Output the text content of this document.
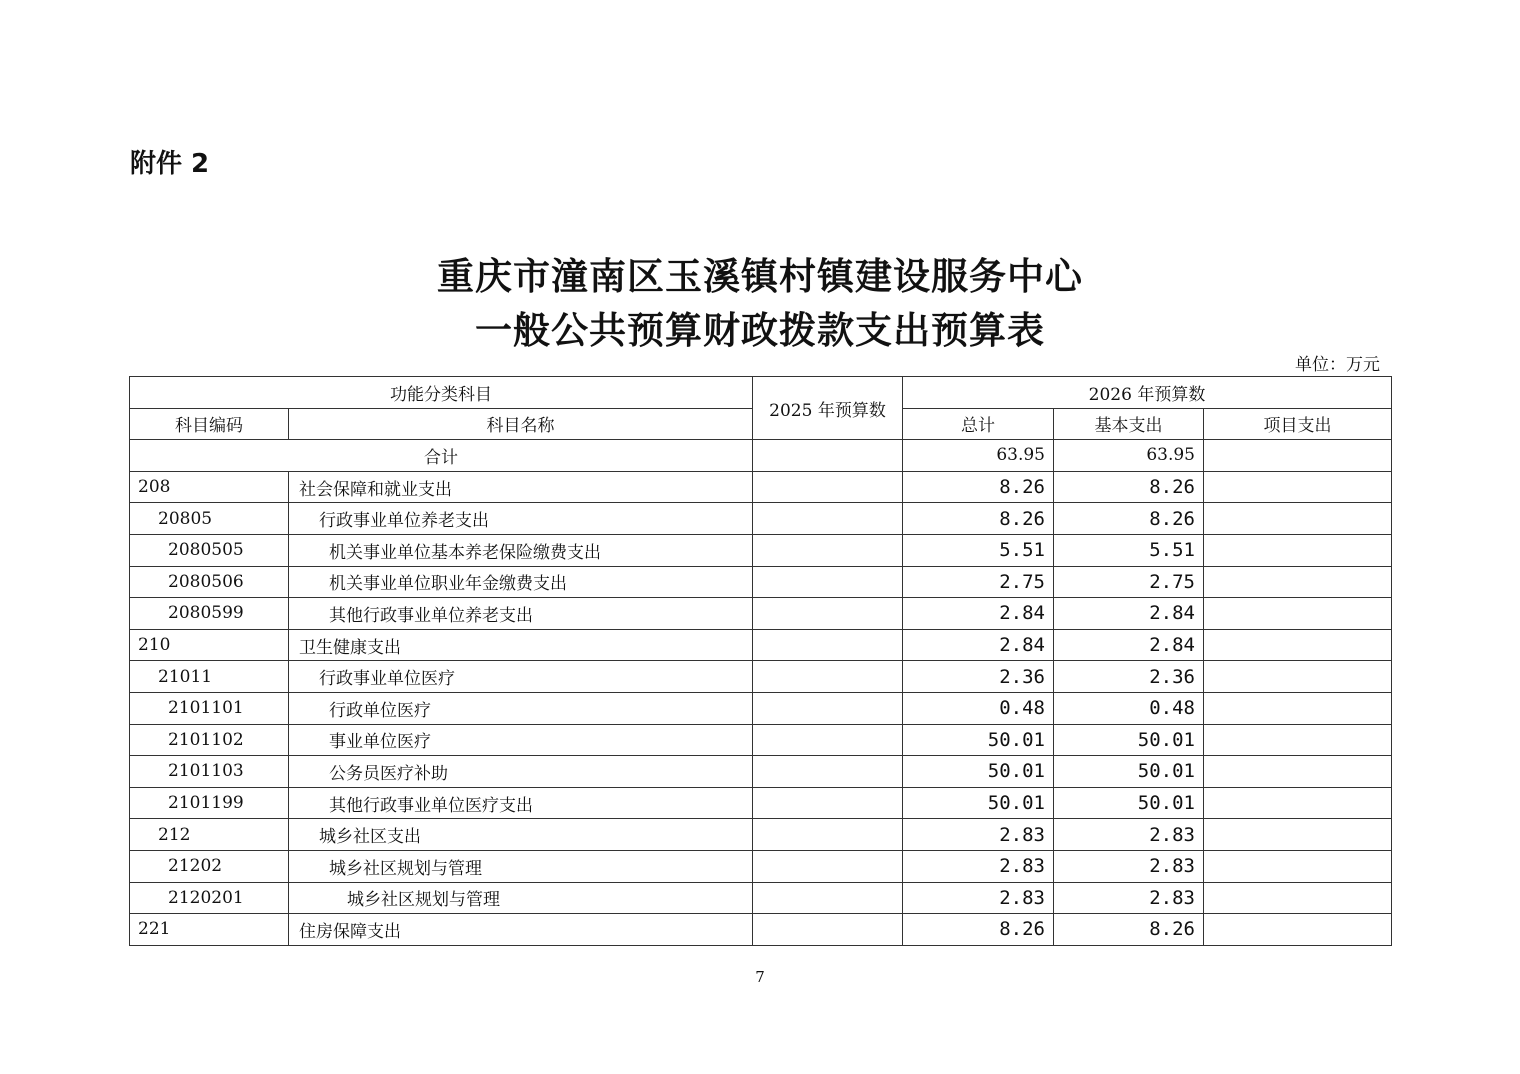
附件 2
重庆市潼南区玉溪镇村镇建设服务中心
一般公共预算财政拨款支出预算表
单位：万元
功能分类科目		2025 年预算数	2026 年预算数		
科目编码	科目名称		总计	基本支出	项目支出
合计			63.95	63.95	
208	社会保障和就业支出		8.26	8.26	
20805	行政事业单位养老支出		8.26	8.26	
2080505	机关事业单位基本养老保险缴费支出		5.51	5.51	
2080506	机关事业单位职业年金缴费支出		2.75	2.75	
2080599	其他行政事业单位养老支出		2.84	2.84	
210	卫生健康支出		2.84	2.84	
21011	行政事业单位医疗		2.36	2.36	
2101101	行政单位医疗		0.48	0.48	
2101102	事业单位医疗		50.01	50.01	
2101103	公务员医疗补助		50.01	50.01	
2101199	其他行政事业单位医疗支出		50.01	50.01	
212	城乡社区支出		2.83	2.83	
21202	城乡社区规划与管理		2.83	2.83	
2120201	城乡社区规划与管理		2.83	2.83	
221	住房保障支出		8.26	8.26	
7
